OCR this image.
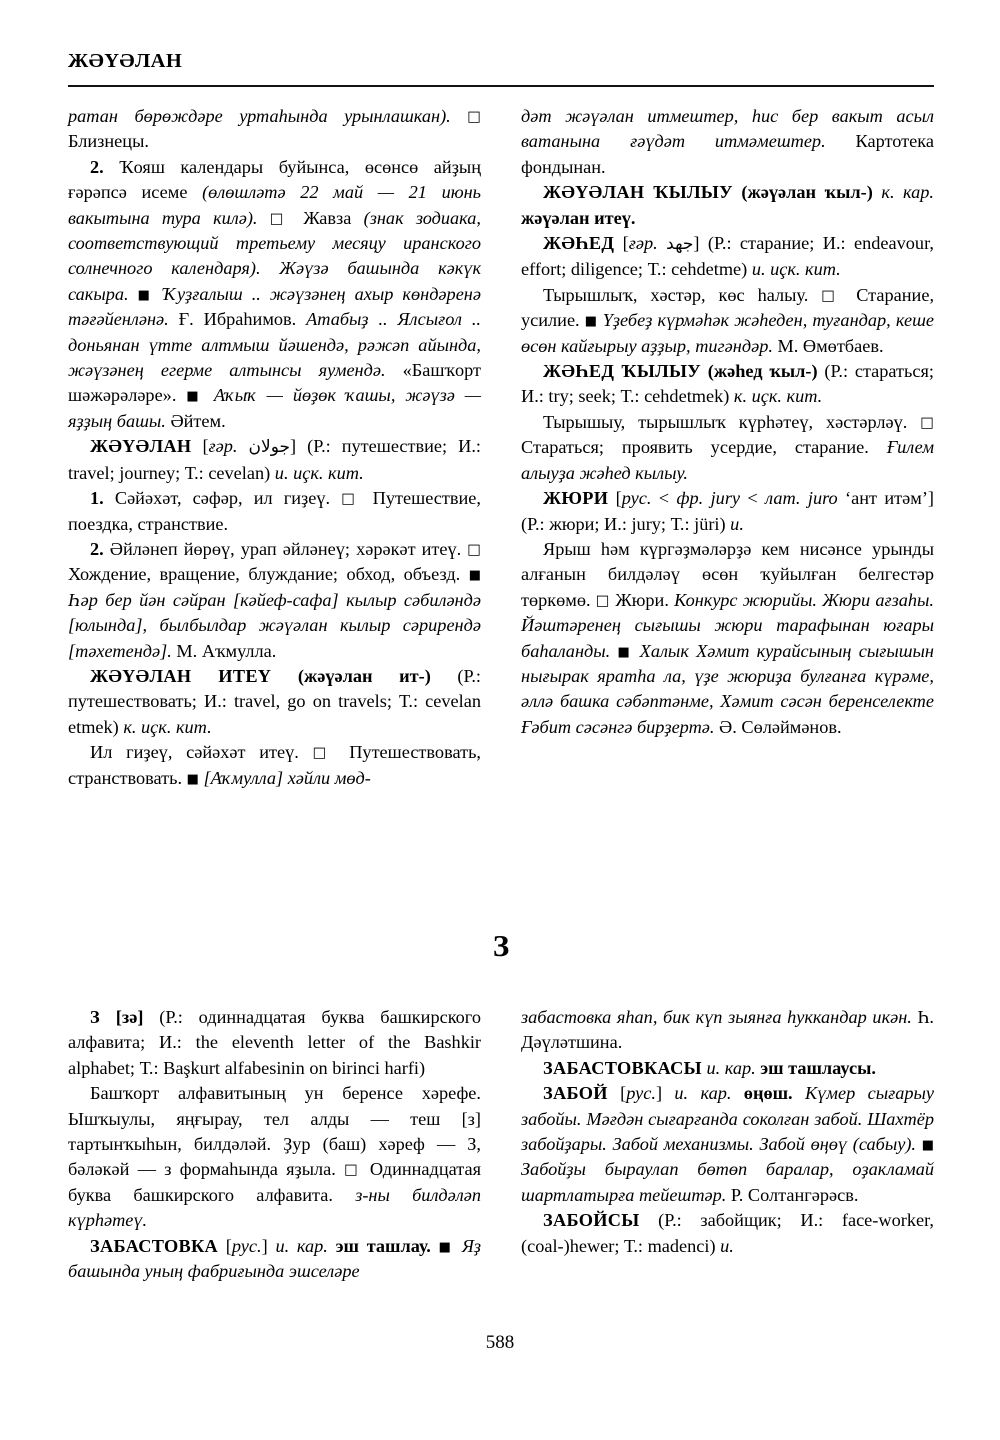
ЖӘҮӘЛАН

ратан бөрөждәре уртаһында урынлашкан). □ Близнецы.

2. Ҡояш календары буйынса, өсөнсө айҙың ғәрәпсә исеме (өлөшләтә 22 май — 21 июнь вакытына тура килә). □ Жавза (знак зодиака, соответствующий третьему месяцу иранского солнечного календаря). Жәүзә башында кәкүк сакыра. ■ Ҡуҙғалыш .. жәүзәнең ахыр көндәренә тәғәйенләнә. Ғ. Ибраһимов. Атабыҙ .. Ялсығол .. доньянан үтте алтмыш йәшендә, рәжәп айында, жәүзәнең егерме алтынсы яумендә. «Башҡорт шәжәрәләре». ■ Аҡыҡ — йөҙөк ҡашы, жәүзә — яҙҙың башы. Әйтем.

ЖӘҮӘЛАН [ғәр. جولان] (Р.: путешествие; И.: travel; journey; Т.: cevelan) и. иçк. кит.

1. Сәйәхәт, сәфәр, ил гиҙеү. □ Путешествие, поездка, странствие.

2. Әйләнеп йөрөү, урап әйләнеү; хәрәкәт итеү. □ Хождение, вращение, блуждание; обход, объезд. ■ Һәр бер йән сәйран [кәйеф-сафа] кылыр сәбиләндә [юлында], былбылдар жәүәлан кылыр сәрирендә [тәхетендә]. М. Аҡмулла.

ЖӘҮӘЛАН ИТЕҮ (жәүәлан ит-) (Р.: путешествовать; И.: travel, go on travels; Т.: cevelan etmek) к. иçк. кит.

Ил гиҙеү, сәйәхәт итеү. □ Путешествовать, странствовать. ■ [Аҡмулла] хәйли мөд-

дәт жәүәлан итмештер, һис бер вакыт асыл ватанына ғәүдәт итмәмештер. Картотека фондынан.

ЖӘҮӘЛАН ҠЫЛЫУ (жәүәлан ҡыл-) к. кар. жәүәлан итеү.

ЖӘҺЕД [ғәр. جهد] (Р.: старание; И.: endeavour, effort; diligence; Т.: cehdetme) и. иçк. кит.

Тырышлыҡ, хәстәр, көс һалыу. □ Старание, усилие. ■ Үҙебеҙ күрмәһәк жәһеден, туғандар, кеше өсөн кайғырыу аҙҙыр, тигәндәр. М. Өмөтбаев.

ЖӘҺЕД ҠЫЛЫУ (жәһед ҡыл-) (Р.: стараться; И.: try; seek; Т.: cehdetmek) к. иçк. кит.

Тырышыу, тырышлыҡ күрһәтеү, хәстәрләү. □ Стараться; проявить усердие, старание. Ғилем алыуҙа жәһед кылыу.

ЖЮРИ [рус. < фр. jury < лат. juro ‘ант итәм’] (Р.: жюри; И.: jury; Т.: jüri) и.

Ярыш һәм күргәҙмәләрҙә кем нисәнсе урынды алғанын билдәләү өсөн ҡуйылған белгестәр төркөмө. □ Жюри. Конкурс жюрийы. Жюри ағзаһы. Йәштәренең сығышы жюри тарафынан юғары баһаланды. ■ Халык Хәмит курайсының сығышын нығырак яратһа ла, үҙе жюриҙа булғанға күрәме, әллә башка сәбәптәнме, Хәмит сәсән беренселекте Ғәбит сәсәнгә бирҙертә. Ә. Сөләймәнов.

З

З [зә] (Р.: одиннадцатая буква башкирского алфавита; И.: the eleventh letter of the Bashkir alphabet; Т.: Başkurt alfabesinin on birinci harfi)

Башҡорт алфавитының ун беренсе хәрефе. Ышҡыулы, яңғырау, тел алды — теш [з] тартынҡыһын, билдәләй. Ҙур (баш) хәреф — З, бәләкәй — з формаһында яҙыла. □ Одиннадцатая буква башкирского алфавита. з-ны билдәләп күрһәтеү.

ЗАБАСТОВКА [рус.] и. кар. эш ташлау. ■ Яҙ башында уның фабриғында эшселәре

забастовка яһап, бик күп зыянға һуккандар икән. Һ. Дәүләтшина.

ЗАБАСТОВКАСЫ и. кар. эш ташлаусы.

ЗАБОЙ [рус.] и. кар. өңөш. Күмер сығарыу забойы. Мәғдән сығарғанда соколған забой. Шахтёр забойҙары. Забой механизмы. Забой өңөү (сабыу). ■ Забойҙы быраулап бөтөп баралар, оҙакламай шартлатырға тейештәр. Р. Солтангәрәсв.

ЗАБОЙСЫ (Р.: забойщик; И.: face-worker, (coal-)hewer; Т.: madenci) и.

588
